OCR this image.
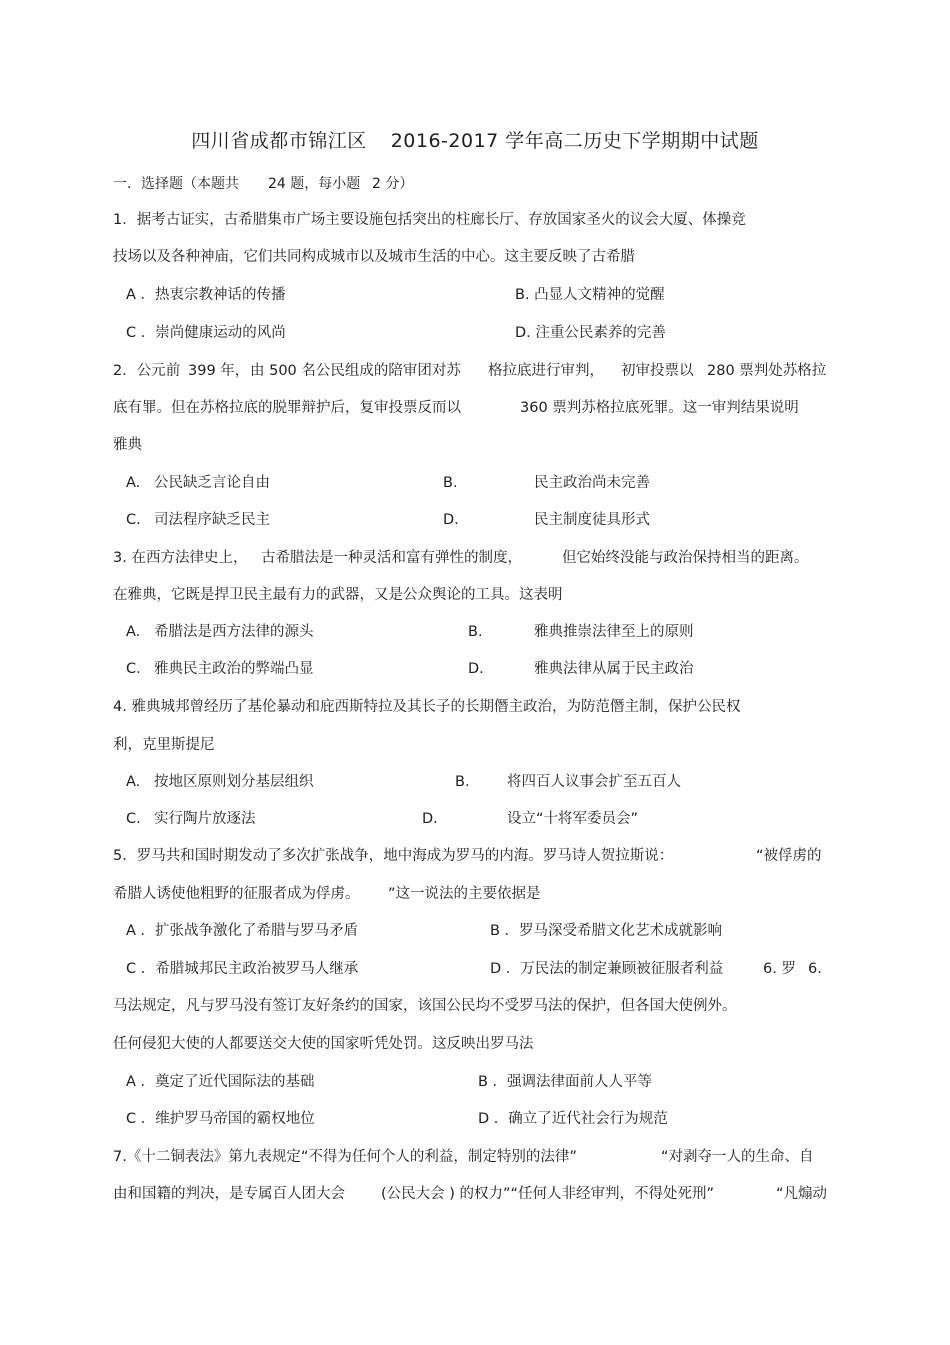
四川省成都市锦江区 2016-2017 学年高二历史下学期期中试题
一．选择题（本题共 24 题，每小题 2 分）
1．据考古证实，古希腊集市广场主要设施包括突出的柱廊长厅、存放国家圣火的议会大厦、体操竞
技场以及各种神庙，它们共同构成城市以及城市生活的中心。这主要反映了古希腊
A ．热衷宗教神话的传播	B. 凸显人文精神的觉醒
C ．崇尚健康运动的风尚	D. 注重公民素养的完善
2．公元前 399 年， 由 500 名公民组成的陪审团对苏 格拉底进行审判， 初审投票以 280 票判处苏格拉
底有罪。但在苏格拉底的脱罪辩护后，复审投票反而以	360 票判苏格拉底死罪。这一审判结果说明
雅典
A. 公民缺乏言论自由	B.	民主政治尚未完善
C. 司法程序缺乏民主	D.	民主制度徒具形式
3. 在西方法律史上， 古希腊法是一种灵活和富有弹性的制度，	但它始终没能与政治保持相当的距离。
在雅典，它既是捍卫民主最有力的武器，又是公众舆论的工具。这表明
A. 希腊法是西方法律的源头	B.	雅典推崇法律至上的原则
C. 雅典民主政治的弊端凸显	D.	雅典法律从属于民主政治
4. 雅典城邦曾经历了基伦暴动和庇西斯特拉及其长子的长期僭主政治，为防范僭主制，保护公民权
利，克里斯提尼
A. 按地区原则划分基层组织	B.	将四百人议事会扩至五百人
C. 实行陶片放逐法	D.	设立“十将军委员会”
5．罗马共和国时期发动了多次扩张战争，地中海成为罗马的内海。罗马诗人贺拉斯说：	“被俘虏的
希腊人诱使他粗野的征服者成为俘虏。 ”这一说法的主要依据是
A ．扩张战争激化了希腊与罗马矛盾	B ．罗马深受希腊文化艺术成就影响
C ．希腊城邦民主政治被罗马人继承	D ．万民法的制定兼顾被征服者利益	6. 罗 6.
马法规定，凡与罗马没有签订友好条约的国家，该国公民均不受罗马法的保护，但各国大使例外。
任何侵犯大使的人都要送交大使的国家听凭处罚。这反映出罗马法
A ．奠定了近代国际法的基础	B ．强调法律面前人人平等
C ．维护罗马帝国的霸权地位	D ．确立了近代社会行为规范
7.《十二铜表法》第九表规定“不得为任何个人的利益，制定特别的法律”	“对剥夺一人的生命、自
由和国籍的判决，是专属百人团大会 (公民大会 ) 的权力”“任何人非经审判，不得处死刑”	“凡煽动
